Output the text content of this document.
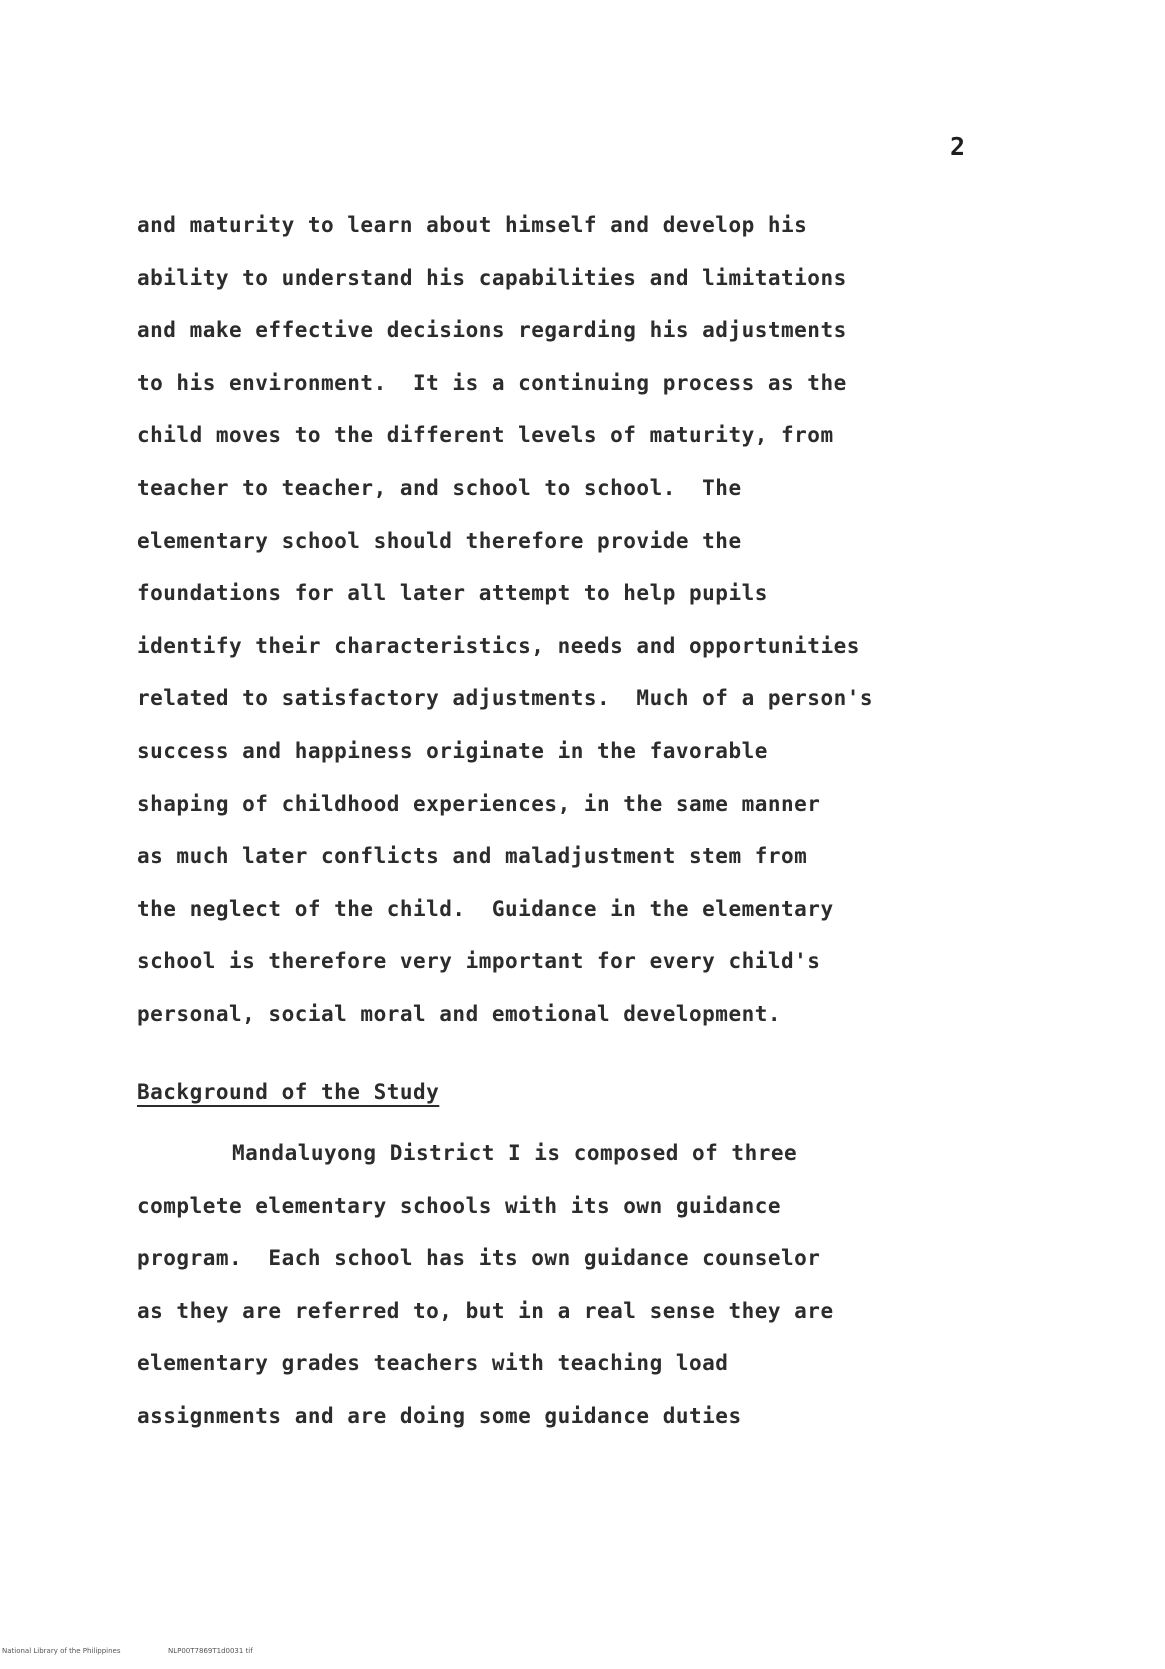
2
and maturity to learn about himself and develop his
ability to understand his capabilities and limitations
and make effective decisions regarding his adjustments
to his environment.  It is a continuing process as the
child moves to the different levels of maturity, from
teacher to teacher, and school to school.  The
elementary school should therefore provide the
foundations for all later attempt to help pupils
identify their characteristics, needs and opportunities
related to satisfactory adjustments.  Much of a person's
success and happiness originate in the favorable
shaping of childhood experiences, in the same manner
as much later conflicts and maladjustment stem from
the neglect of the child.  Guidance in the elementary
school is therefore very important for every child's
personal, social moral and emotional development.
Background of the Study
Mandaluyong District I is composed of three
complete elementary schools with its own guidance
program.  Each school has its own guidance counselor
as they are referred to, but in a real sense they are
elementary grades teachers with teaching load
assignments and are doing some guidance duties

National Library of the Philippines

	NLP00T7869T1d0031 tif
